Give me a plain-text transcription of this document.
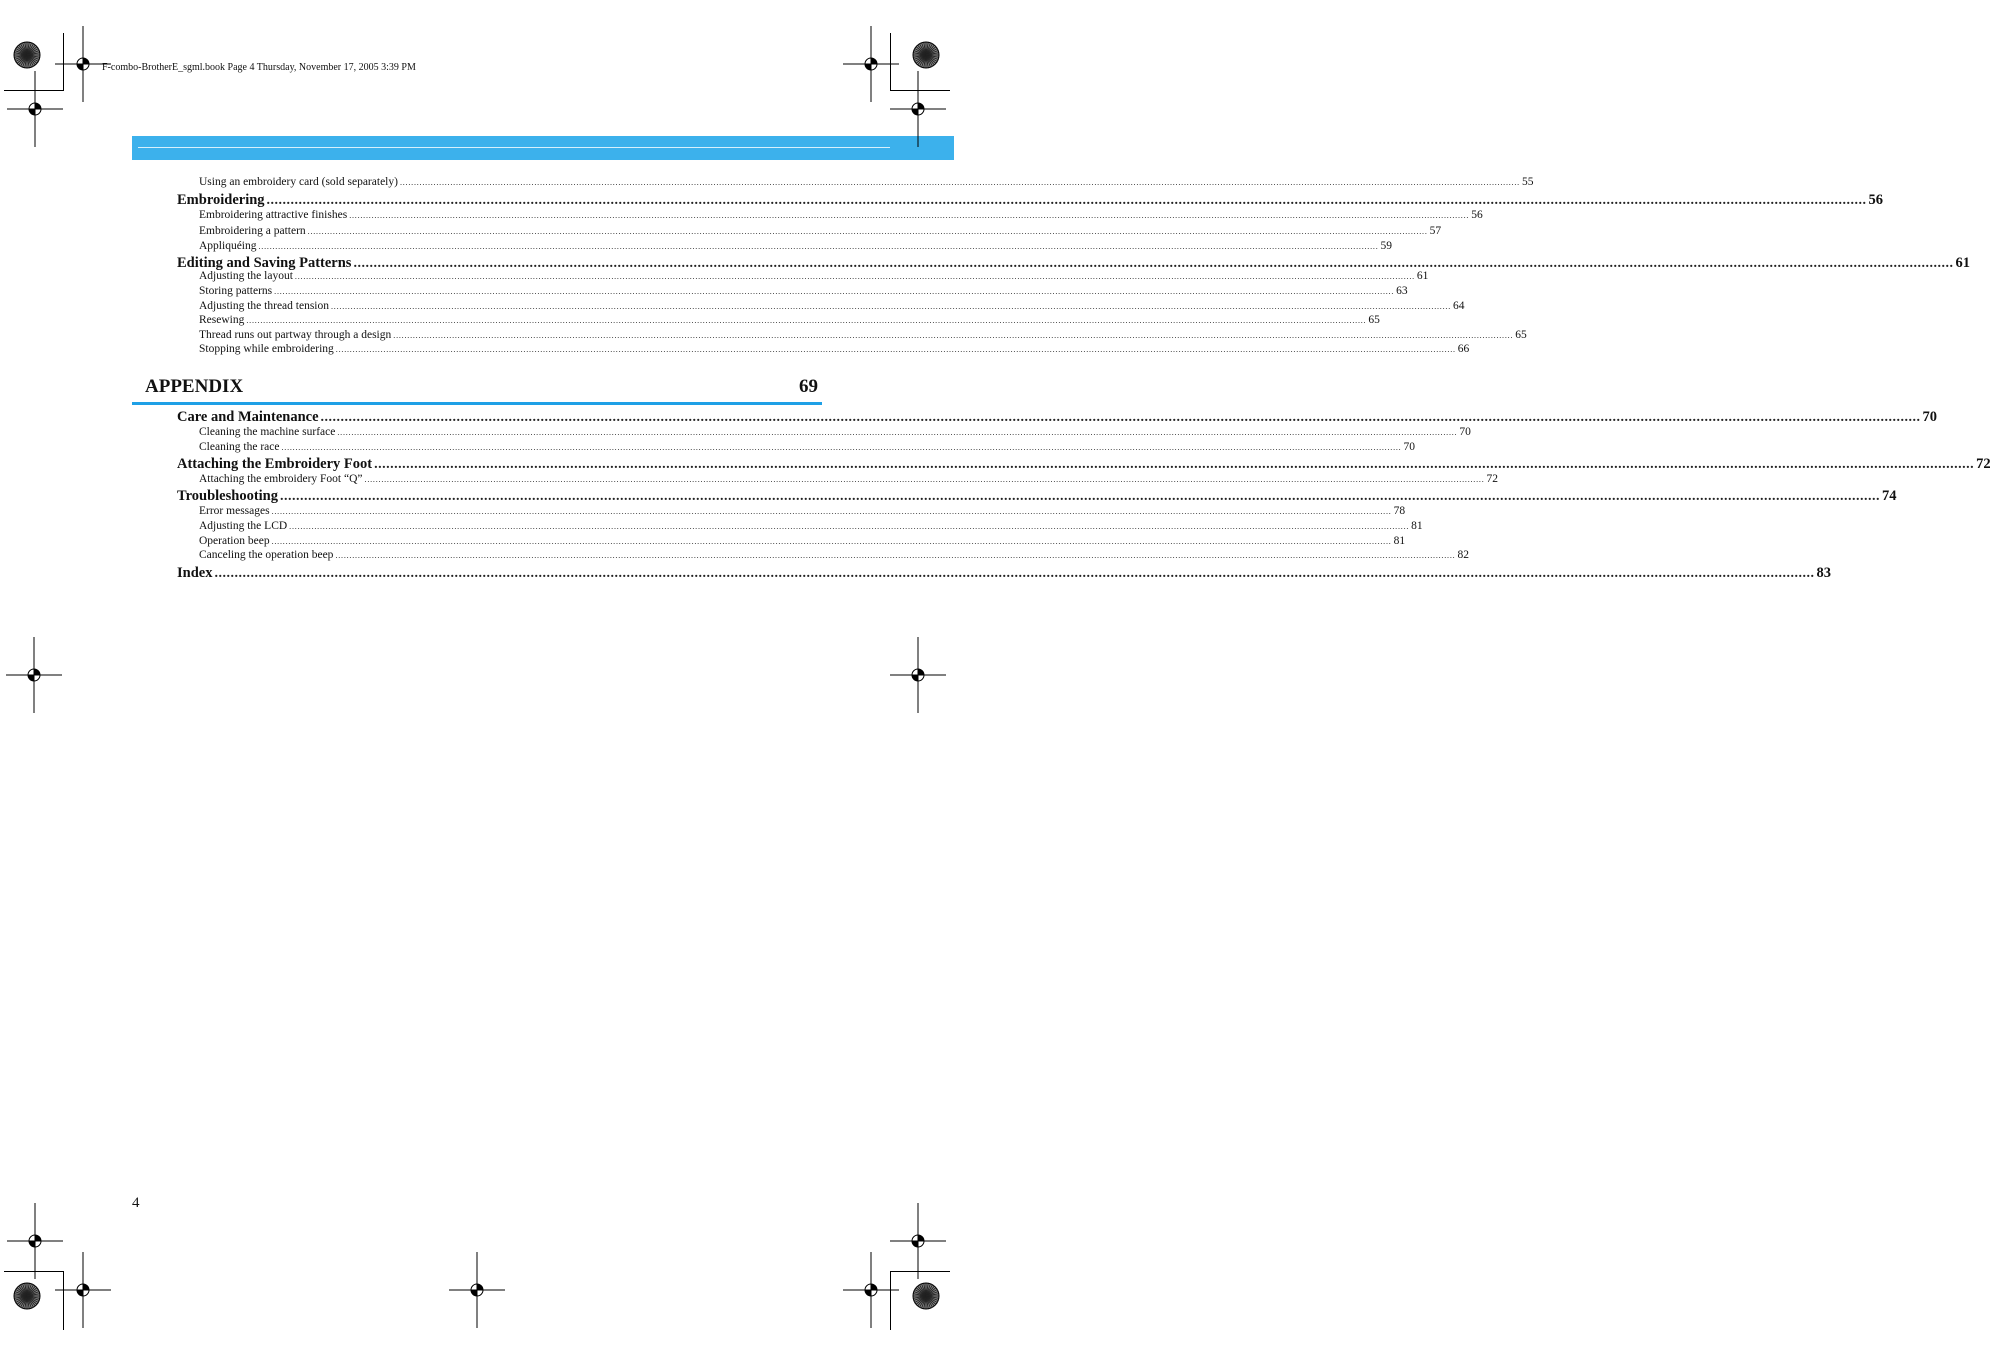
F-combo-BrotherE_sgml.book Page 4 Thursday, November 17, 2005 3:39 PM
Using an embroidery card (sold separately) ................................................................................................................................................................................................................................................................................................................................................................................................................ 55
Embroidering ................................................................................................................................................................................................................................................................................................................................................................................................................ 56
Embroidering attractive finishes ................................................................................................................................................................................................................................................................................................................................................................................................................ 56
Embroidering a pattern ................................................................................................................................................................................................................................................................................................................................................................................................................ 57
Appliquéing ................................................................................................................................................................................................................................................................................................................................................................................................................ 59
Editing and Saving Patterns ................................................................................................................................................................................................................................................................................................................................................................................................................ 61
Adjusting the layout ................................................................................................................................................................................................................................................................................................................................................................................................................ 61
Storing patterns ................................................................................................................................................................................................................................................................................................................................................................................................................ 63
Adjusting the thread tension ................................................................................................................................................................................................................................................................................................................................................................................................................ 64
Resewing ................................................................................................................................................................................................................................................................................................................................................................................................................ 65
Thread runs out partway through a design ................................................................................................................................................................................................................................................................................................................................................................................................................ 65
Stopping while embroidering ................................................................................................................................................................................................................................................................................................................................................................................................................ 66
APPENDIX	69
Care and Maintenance ................................................................................................................................................................................................................................................................................................................................................................................................................ 70
Cleaning the machine surface ................................................................................................................................................................................................................................................................................................................................................................................................................ 70
Cleaning the race ................................................................................................................................................................................................................................................................................................................................................................................................................ 70
Attaching the Embroidery Foot ................................................................................................................................................................................................................................................................................................................................................................................................................ 72
Attaching the embroidery Foot “Q” ................................................................................................................................................................................................................................................................................................................................................................................................................ 72
Troubleshooting ................................................................................................................................................................................................................................................................................................................................................................................................................ 74
Error messages ................................................................................................................................................................................................................................................................................................................................................................................................................ 78
Adjusting the LCD ................................................................................................................................................................................................................................................................................................................................................................................................................ 81
Operation beep ................................................................................................................................................................................................................................................................................................................................................................................................................ 81
Canceling the operation beep ................................................................................................................................................................................................................................................................................................................................................................................................................ 82
Index ................................................................................................................................................................................................................................................................................................................................................................................................................ 83
4
